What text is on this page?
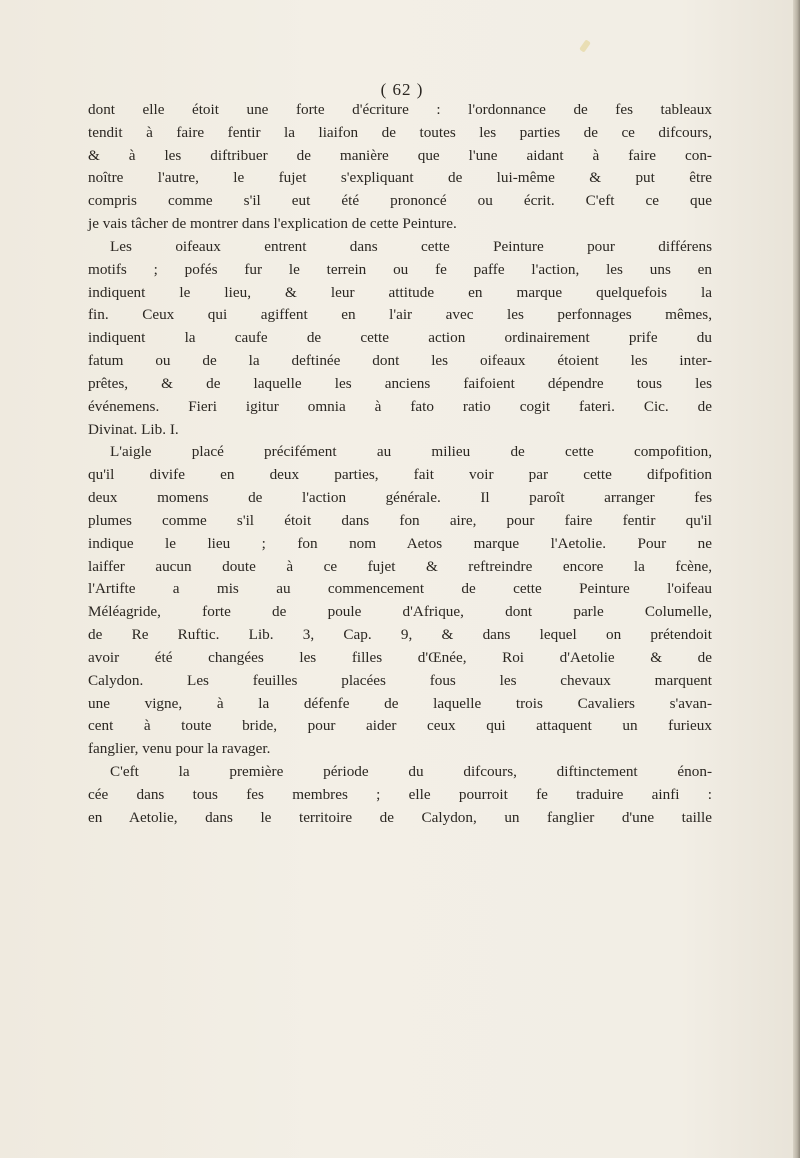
( 62 )
dont elle étoit une forte d'écriture : l'ordonnance de fes tableaux
tendit à faire fentir la liaifon de toutes les parties de ce difcours,
& à les diftribuer de manière que l'une aidant à faire con-
noître l'autre, le fujet s'expliquant de lui-même & put être
compris comme s'il eut été prononcé ou écrit. C'eft ce que
je vais tâcher de montrer dans l'explication de cette Peinture.
Les oifeaux entrent dans cette Peinture pour différens
motifs ; pofés fur le terrein ou fe paffe l'action, les uns en
indiquent le lieu, & leur attitude en marque quelquefois la
fin. Ceux qui agiffent en l'air avec les perfonnages mêmes,
indiquent la caufe de cette action ordinairement prife du
fatum ou de la deftinée dont les oifeaux étoient les inter-
prêtes, & de laquelle les anciens faifoient dépendre tous les
événemens. Fieri igitur omnia à fato ratio cogit fateri. Cic. de
Divinat. Lib. I.
L'aigle placé précifément au milieu de cette compofition,
qu'il divife en deux parties, fait voir par cette difpofition
deux momens de l'action générale. Il paroît arranger fes
plumes comme s'il étoit dans fon aire, pour faire fentir qu'il
indique le lieu ; fon nom Aetos marque l'Aetolie. Pour ne
laiffer aucun doute à ce fujet & reftreindre encore la fcène,
l'Artifte a mis au commencement de cette Peinture l'oifeau
Méléagride, forte de poule d'Afrique, dont parle Columelle,
de Re Ruftic. Lib. 3, Cap. 9, & dans lequel on prétendoit
avoir été changées les filles d'Œnée, Roi d'Aetolie & de
Calydon. Les feuilles placées fous les chevaux marquent
une vigne, à la défenfe de laquelle trois Cavaliers s'avan-
cent à toute bride, pour aider ceux qui attaquent un furieux
fanglier, venu pour la ravager.
C'eft la première période du difcours, diftinctement énon-
cée dans tous fes membres ; elle pourroit fe traduire ainfi :
en Aetolie, dans le territoire de Calydon, un fanglier d'une taille
